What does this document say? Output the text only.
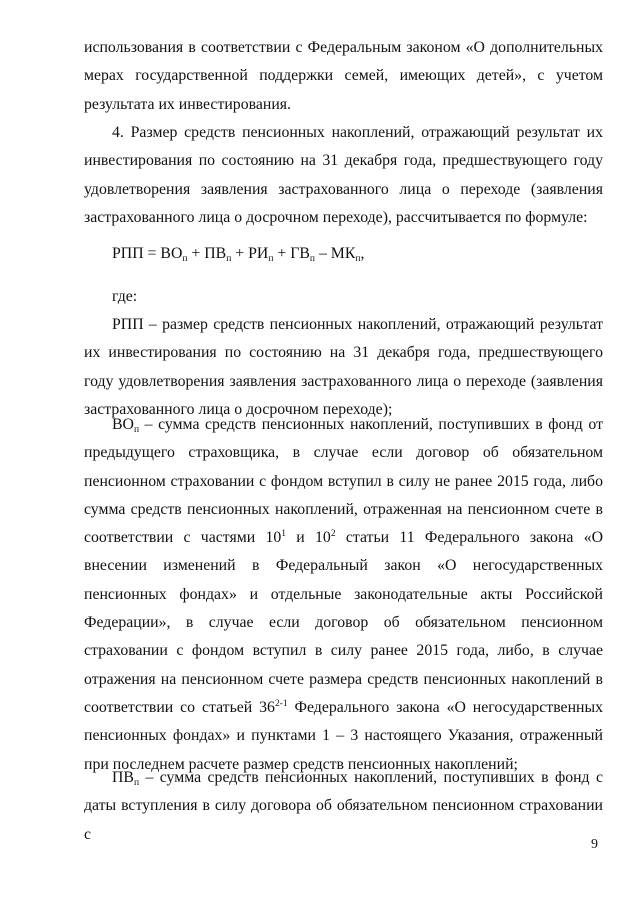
использования в соответствии с Федеральным законом «О дополнительных мерах государственной поддержки семей, имеющих детей», с учетом результата их инвестирования.

4. Размер средств пенсионных накоплений, отражающий результат их инвестирования по состоянию на 31 декабря года, предшествующего году удовлетворения заявления застрахованного лица о переходе (заявления застрахованного лица о досрочном переходе), рассчитывается по формуле:

РПП = $ВО_п + ПВ_п + РИ_п + ГВ_п - МК_п$,

где:

РПП – размер средств пенсионных накоплений, отражающий результат их инвестирования по состоянию на 31 декабря года, предшествующего году удовлетворения заявления застрахованного лица о переходе (заявления застрахованного лица о досрочном переходе);

$ВО_п$ – сумма средств пенсионных накоплений, поступивших в фонд от предыдущего страховщика, в случае если договор об обязательном пенсионном страховании с фондом вступил в силу не ранее 2015 года, либо сумма средств пенсионных накоплений, отраженная на пенсионном счете в соответствии с частями $10^1$ и $10^2$ статьи 11 Федерального закона «О внесении изменений в Федеральный закон «О негосударственных пенсионных фондах» и отдельные законодательные акты Российской Федерации», в случае если договор об обязательном пенсионном страховании с фондом вступил в силу ранее 2015 года, либо, в случае отражения на пенсионном счете размера средств пенсионных накоплений в соответствии со статьей 36$^{2-1}$ Федерального закона «О негосударственных пенсионных фондах» и пунктами 1 – 3 настоящего Указания, отраженный при последнем расчете размер средств пенсионных накоплений;

$ПВ_п$ – сумма средств пенсионных накоплений, поступивших в фонд с даты вступления в силу договора об обязательном пенсионном страховании с

9
